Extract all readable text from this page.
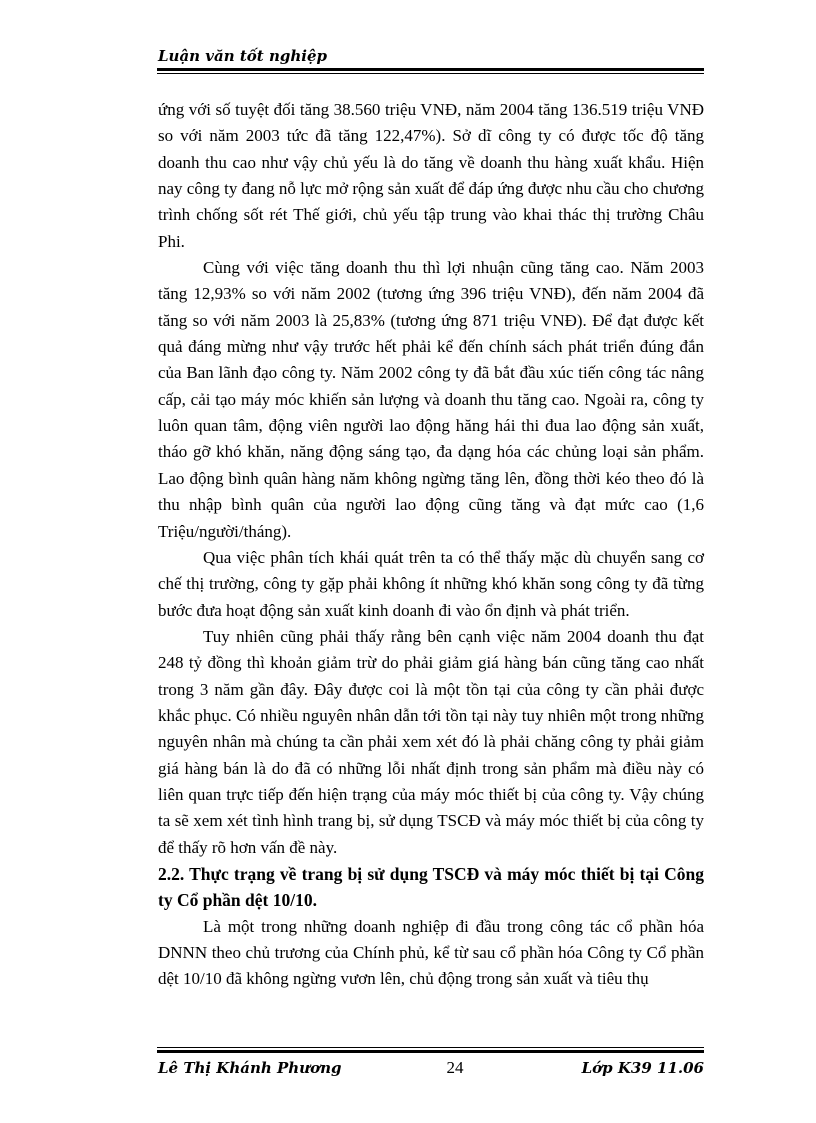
Luận văn tốt nghiệp

ứng với số tuyệt đối tăng 38.560 triệu VNĐ, năm 2004 tăng 136.519 triệu VNĐ so với năm 2003 tức đã tăng 122,47%). Sở dĩ công ty có được tốc độ tăng doanh thu cao như vậy chủ yếu là do tăng về doanh thu hàng xuất khẩu. Hiện nay công ty đang nỗ lực mở rộng sản xuất để đáp ứng được nhu cầu cho chương trình chống sốt rét Thế giới, chủ yếu tập trung vào khai thác thị trường Châu Phi.

Cùng với việc tăng doanh thu thì lợi nhuận cũng tăng cao. Năm 2003 tăng 12,93% so với năm 2002 (tương ứng 396 triệu VNĐ), đến năm 2004 đã tăng so với năm 2003 là 25,83% (tương ứng 871 triệu VNĐ). Để đạt được kết quả đáng mừng như vậy trước hết phải kể đến chính sách phát triển đúng đắn của Ban lãnh đạo công ty. Năm 2002 công ty đã bắt đầu xúc tiến công tác nâng cấp, cải tạo máy móc khiến sản lượng và doanh thu tăng cao. Ngoài ra, công ty luôn quan tâm, động viên người lao động hăng hái thi đua lao động sản xuất, tháo gỡ khó khăn, năng động sáng tạo, đa dạng hóa các chủng loại sản phẩm. Lao động bình quân hàng năm không ngừng tăng lên, đồng thời kéo theo đó là thu nhập bình quân của người lao động cũng tăng và đạt mức cao (1,6 Triệu/người/tháng).

Qua việc phân tích khái quát trên ta có thể thấy mặc dù chuyển sang cơ chế thị trường, công ty gặp phải không ít những khó khăn song công ty đã từng bước đưa hoạt động sản xuất kinh doanh đi vào ổn định và phát triển.

Tuy nhiên cũng phải thấy rằng bên cạnh việc năm 2004 doanh thu đạt 248 tỷ đồng thì khoản giảm trừ do phải giảm giá hàng bán cũng tăng cao nhất trong 3 năm gần đây. Đây được coi là một tồn tại của công ty cần phải được khắc phục. Có nhiều nguyên nhân dẫn tới tồn tại này tuy nhiên một trong những nguyên nhân mà chúng ta cần phải xem xét đó là phải chăng công ty phải giảm giá hàng bán là do đã có những lỗi nhất định trong sản phẩm mà điều này có liên quan trực tiếp đến hiện trạng của máy móc thiết bị của công ty. Vậy chúng ta sẽ xem xét tình hình trang bị, sử dụng TSCĐ và máy móc thiết bị của công ty để thấy rõ hơn vấn đề này.

2.2. Thực trạng về trang bị sử dụng TSCĐ và máy móc thiết bị tại Công ty Cổ phần dệt 10/10.

Là một trong những doanh nghiệp đi đầu trong công tác cổ phần hóa DNNN theo chủ trương của Chính phủ, kể từ sau cổ phần hóa Công ty Cổ phần dệt 10/10 đã không ngừng vươn lên, chủ động trong sản xuất và tiêu thụ

Lê Thị Khánh Phương	24	Lớp K39 11.06
